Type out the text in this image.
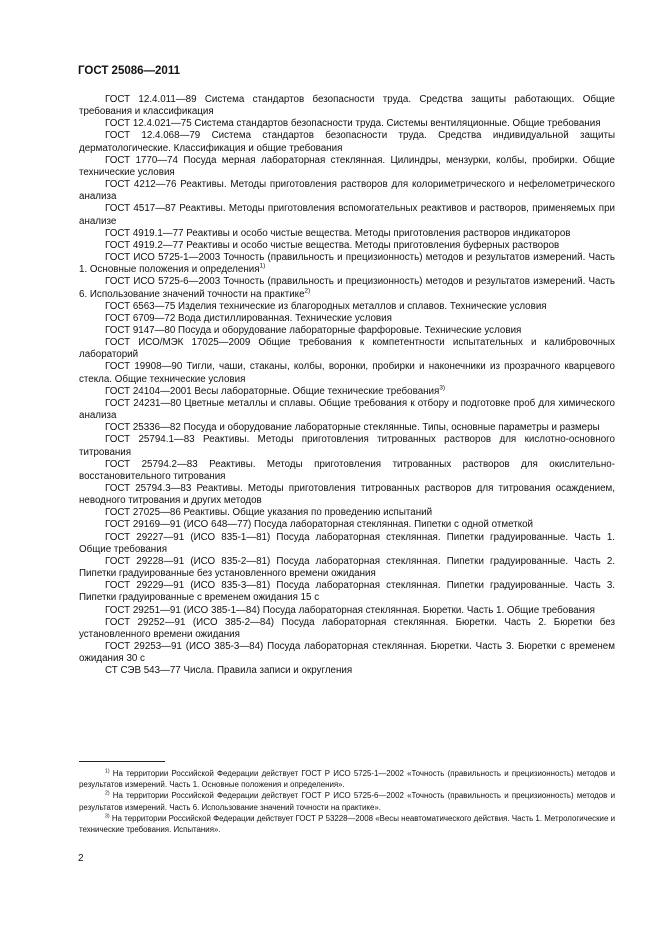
ГОСТ 25086—2011

ГОСТ 12.4.011—89 Система стандартов безопасности труда. Средства защиты работающих. Общие требования и классификация

ГОСТ 12.4.021—75 Система стандартов безопасности труда. Системы вентиляционные. Общие требования

ГОСТ 12.4.068—79 Система стандартов безопасности труда. Средства индивидуальной защиты дерматологические. Классификация и общие требования

ГОСТ 1770—74 Посуда мерная лабораторная стеклянная. Цилиндры, мензурки, колбы, пробирки. Общие технические условия

ГОСТ 4212—76 Реактивы. Методы приготовления растворов для колориметрического и нефелометрического анализа

ГОСТ 4517—87 Реактивы. Методы приготовления вспомогательных реактивов и растворов, применяемых при анализе

ГОСТ 4919.1—77 Реактивы и особо чистые вещества. Методы приготовления растворов индикаторов

ГОСТ 4919.2—77 Реактивы и особо чистые вещества. Методы приготовления буферных растворов

ГОСТ ИСО 5725-1—2003 Точность (правильность и прецизионность) методов и результатов измерений. Часть 1. Основные положения и определения$^{1)}$

ГОСТ ИСО 5725-6—2003 Точность (правильность и прецизионность) методов и результатов измерений. Часть 6. Использование значений точности на практике$^{2)}$

ГОСТ 6563—75 Изделия технические из благородных металлов и сплавов. Технические условия

ГОСТ 6709—72 Вода дистиллированная. Технические условия

ГОСТ 9147—80 Посуда и оборудование лабораторные фарфоровые. Технические условия

ГОСТ ИСО/МЭК 17025—2009 Общие требования к компетентности испытательных и калибровочных лабораторий

ГОСТ 19908—90 Тигли, чаши, стаканы, колбы, воронки, пробирки и наконечники из прозрачного кварцевого стекла. Общие технические условия

ГОСТ 24104—2001 Весы лабораторные. Общие технические требования$^{3)}$

ГОСТ 24231—80 Цветные металлы и сплавы. Общие требования к отбору и подготовке проб для химического анализа

ГОСТ 25336—82 Посуда и оборудование лабораторные стеклянные. Типы, основные параметры и размеры

ГОСТ 25794.1—83 Реактивы. Методы приготовления титрованных растворов для кислотно-основного титрования

ГОСТ 25794.2—83 Реактивы. Методы приготовления титрованных растворов для окислительно-восстановительного титрования

ГОСТ 25794.3—83 Реактивы. Методы приготовления титрованных растворов для титрования осаждением, неводного титрования и других методов

ГОСТ 27025—86 Реактивы. Общие указания по проведению испытаний

ГОСТ 29169—91 (ИСО 648—77) Посуда лабораторная стеклянная. Пипетки с одной отметкой

ГОСТ 29227—91 (ИСО 835-1—81) Посуда лабораторная стеклянная. Пипетки градуированные. Часть 1. Общие требования

ГОСТ 29228—91 (ИСО 835-2—81) Посуда лабораторная стеклянная. Пипетки градуированные. Часть 2. Пипетки градуированные без установленного времени ожидания

ГОСТ 29229—91 (ИСО 835-3—81) Посуда лабораторная стеклянная. Пипетки градуированные. Часть 3. Пипетки градуированные с временем ожидания 15 с

ГОСТ 29251—91 (ИСО 385-1—84) Посуда лабораторная стеклянная. Бюретки. Часть 1. Общие требования

ГОСТ 29252—91 (ИСО 385-2—84) Посуда лабораторная стеклянная. Бюретки. Часть 2. Бюретки без установленного времени ожидания

ГОСТ 29253—91 (ИСО 385-3—84) Посуда лабораторная стеклянная. Бюретки. Часть 3. Бюретки с временем ожидания 30 с

СТ СЭВ 543—77 Числа. Правила записи и округления

$^{1)}$ На территории Российской Федерации действует ГОСТ Р ИСО 5725-1—2002 «Точность (правильность и прецизионность) методов и результатов измерений. Часть 1. Основные положения и определения».

$^{2)}$ На территории Российской Федерации действует ГОСТ Р ИСО 5725-6—2002 «Точность (правильность и прецизионность) методов и результатов измерений. Часть 6. Использование значений точности на практике».

$^{3)}$ На территории Российской Федерации действует ГОСТ Р 53228—2008 «Весы неавтоматического действия. Часть 1. Метрологические и технические требования. Испытания».

2
